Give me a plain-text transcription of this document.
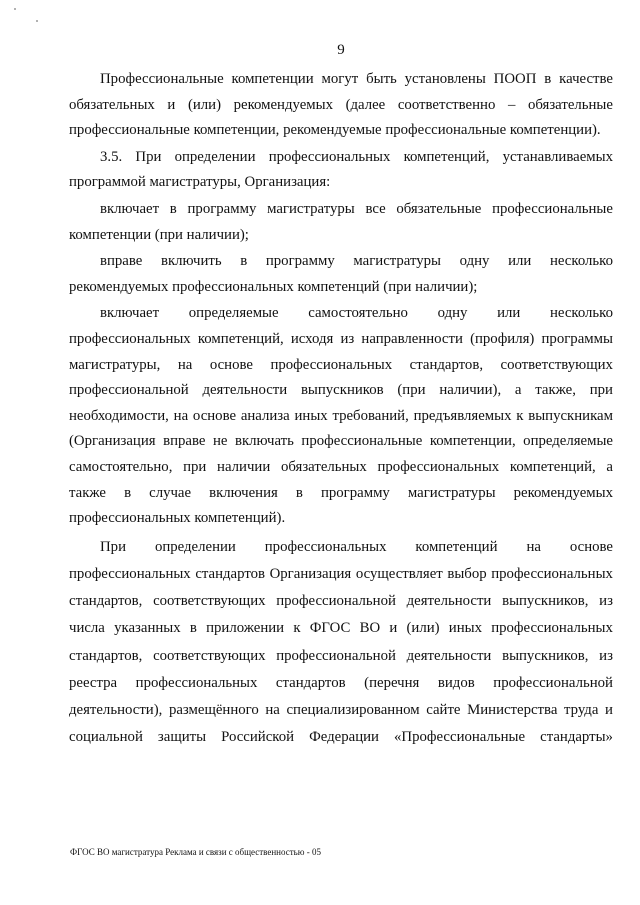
9
Профессиональные компетенции могут быть установлены ПООП в качестве
обязательных и (или) рекомендуемых (далее соответственно – обязательные
профессиональные компетенции, рекомендуемые профессиональные компетенции).
3.5. При определении профессиональных компетенций, устанавливаемых
программой магистратуры, Организация:
включает в программу магистратуры все обязательные профессиональные
компетенции (при наличии);
вправе включить в программу магистратуры одну или несколько
рекомендуемых профессиональных компетенций (при наличии);
включает определяемые самостоятельно одну или несколько
профессиональных компетенций, исходя из направленности (профиля) программы
магистратуры, на основе профессиональных стандартов, соответствующих
профессиональной деятельности выпускников (при наличии), а также, при
необходимости, на основе анализа иных требований, предъявляемых к выпускникам
(Организация вправе не включать профессиональные компетенции, определяемые
самостоятельно, при наличии обязательных профессиональных компетенций, а
также в случае включения в программу магистратуры рекомендуемых
профессиональных компетенций).
При определении профессиональных компетенций на основе
профессиональных стандартов Организация осуществляет выбор профессиональных
стандартов, соответствующих профессиональной деятельности выпускников, из
числа указанных в приложении к ФГОС ВО и (или) иных профессиональных
стандартов, соответствующих профессиональной деятельности выпускников, из
реестра профессиональных стандартов (перечня видов профессиональной
деятельности), размещённого на специализированном сайте Министерства труда и
социальной защиты Российской Федерации «Профессиональные стандарты»
ФГОС ВО магистратура Реклама и связи с общественностью - 05
